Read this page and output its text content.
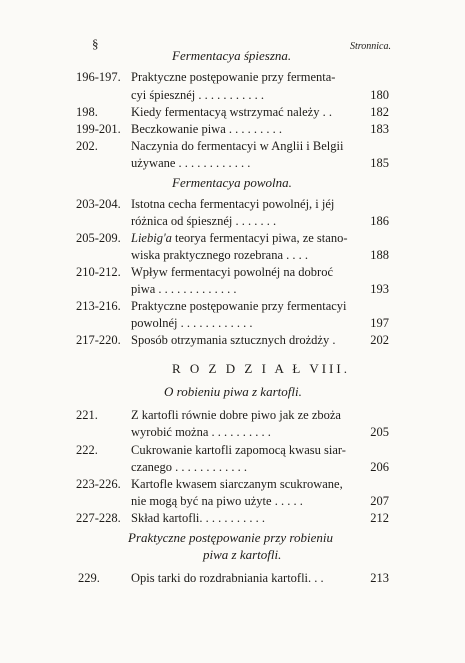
§	Stronnica.
Fermentacya śpieszna.
196-197. Praktyczne postępowanie przy fermenta-
cyi śpiesznéj . . . . . . . . . . .	180
198.	Kiedy fermentacyą wstrzymać należy . .	182
199-201. Beczkowanie piwa . . . . . . . . .	183
202.	Naczynia do fermentacyi w Anglii i Belgii
używane . . . . . . . . . . . .	185
Fermentacya powolna.
203-204. Istotna cecha fermentacyi powolnéj, i jéj
różnica od śpiesznéj . . . . . . .	186
205-209. Liebig'a teorya fermentacyi piwa, ze stano-
wiska praktycznego rozebrana . . . .	188
210-212. Wpływ fermentacyi powolnéj na dobroć
piwa . . . . . . . . . . . . .	193
213-216. Praktyczne postępowanie przy fermentacyi
powolnéj . . . . . . . . . . . .	197
217-220. Sposób otrzymania sztucznych drożdży .	202
R O Z D Z I A Ł VIII.
O robieniu piwa z kartofli.
221.	Z kartofli równie dobre piwo jak ze zboża
wyrobić można . . . . . . . . . .	205
222.	Cukrowanie kartofli zapomocą kwasu siar-
czanego . . . . . . . . . . . .	206
223-226. Kartofle kwasem siarczanym scukrowane,
nie mogą być na piwo użyte . . . . .	207
227-228. Skład kartofli. . . . . . . . . . .	212
Praktyczne postępowanie przy robieniu
piwa z kartofli.
229. Opis tarki do rozdrabniania kartofli. . .	213
